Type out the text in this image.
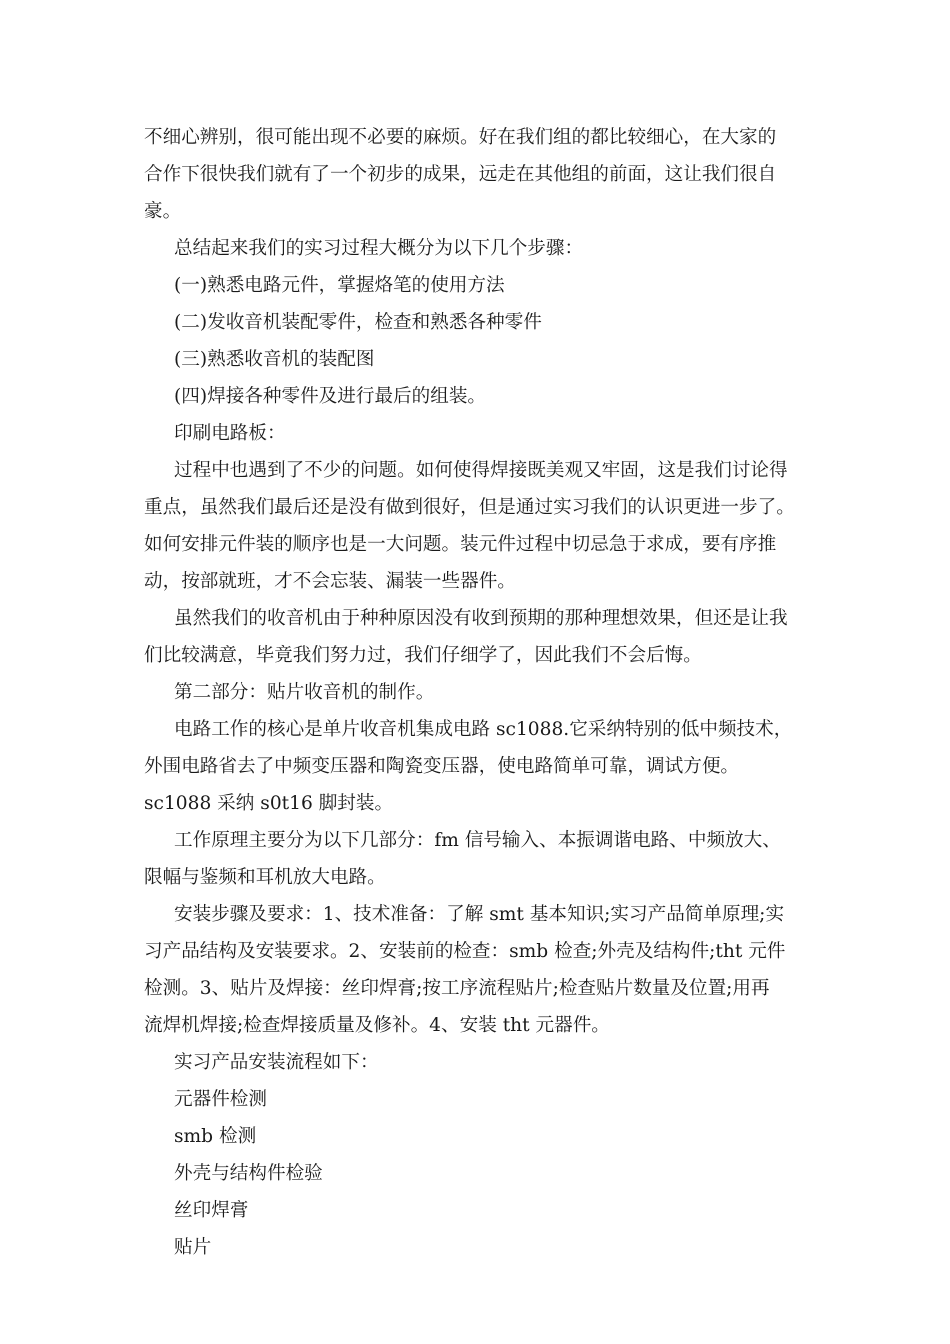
不细心辨别，很可能出现不必要的麻烦。好在我们组的都比较细心，在大家的
合作下很快我们就有了一个初步的成果，远走在其他组的前面，这让我们很自
豪。
总结起来我们的实习过程大概分为以下几个步骤：
(一)熟悉电路元件，掌握烙笔的使用方法
(二)发收音机装配零件，检查和熟悉各种零件
(三)熟悉收音机的装配图
(四)焊接各种零件及进行最后的组装。
印刷电路板：
过程中也遇到了不少的问题。如何使得焊接既美观又牢固，这是我们讨论得
重点，虽然我们最后还是没有做到很好，但是通过实习我们的认识更进一步了。
如何安排元件装的顺序也是一大问题。装元件过程中切忌急于求成，要有序推
动，按部就班，才不会忘装、漏装一些器件。
虽然我们的收音机由于种种原因没有收到预期的那种理想效果，但还是让我
们比较满意，毕竟我们努力过，我们仔细学了，因此我们不会后悔。
第二部分：贴片收音机的制作。
电路工作的核心是单片收音机集成电路 sc1088.它采纳特别的低中频技术，
外围电路省去了中频变压器和陶瓷变压器，使电路简单可靠，调试方便。
sc1088 采纳 s0t16 脚封装。
工作原理主要分为以下几部分：fm 信号输入、本振调谐电路、中频放大、
限幅与鉴频和耳机放大电路。
安装步骤及要求：1、技术准备：了解 smt 基本知识;实习产品简单原理;实
习产品结构及安装要求。2、安装前的检查：smb 检查;外壳及结构件;tht 元件
检测。3、贴片及焊接：丝印焊膏;按工序流程贴片;检查贴片数量及位置;用再
流焊机焊接;检查焊接质量及修补。4、安装 tht 元器件。
实习产品安装流程如下：
元器件检测
smb 检测
外壳与结构件检验
丝印焊膏
贴片
